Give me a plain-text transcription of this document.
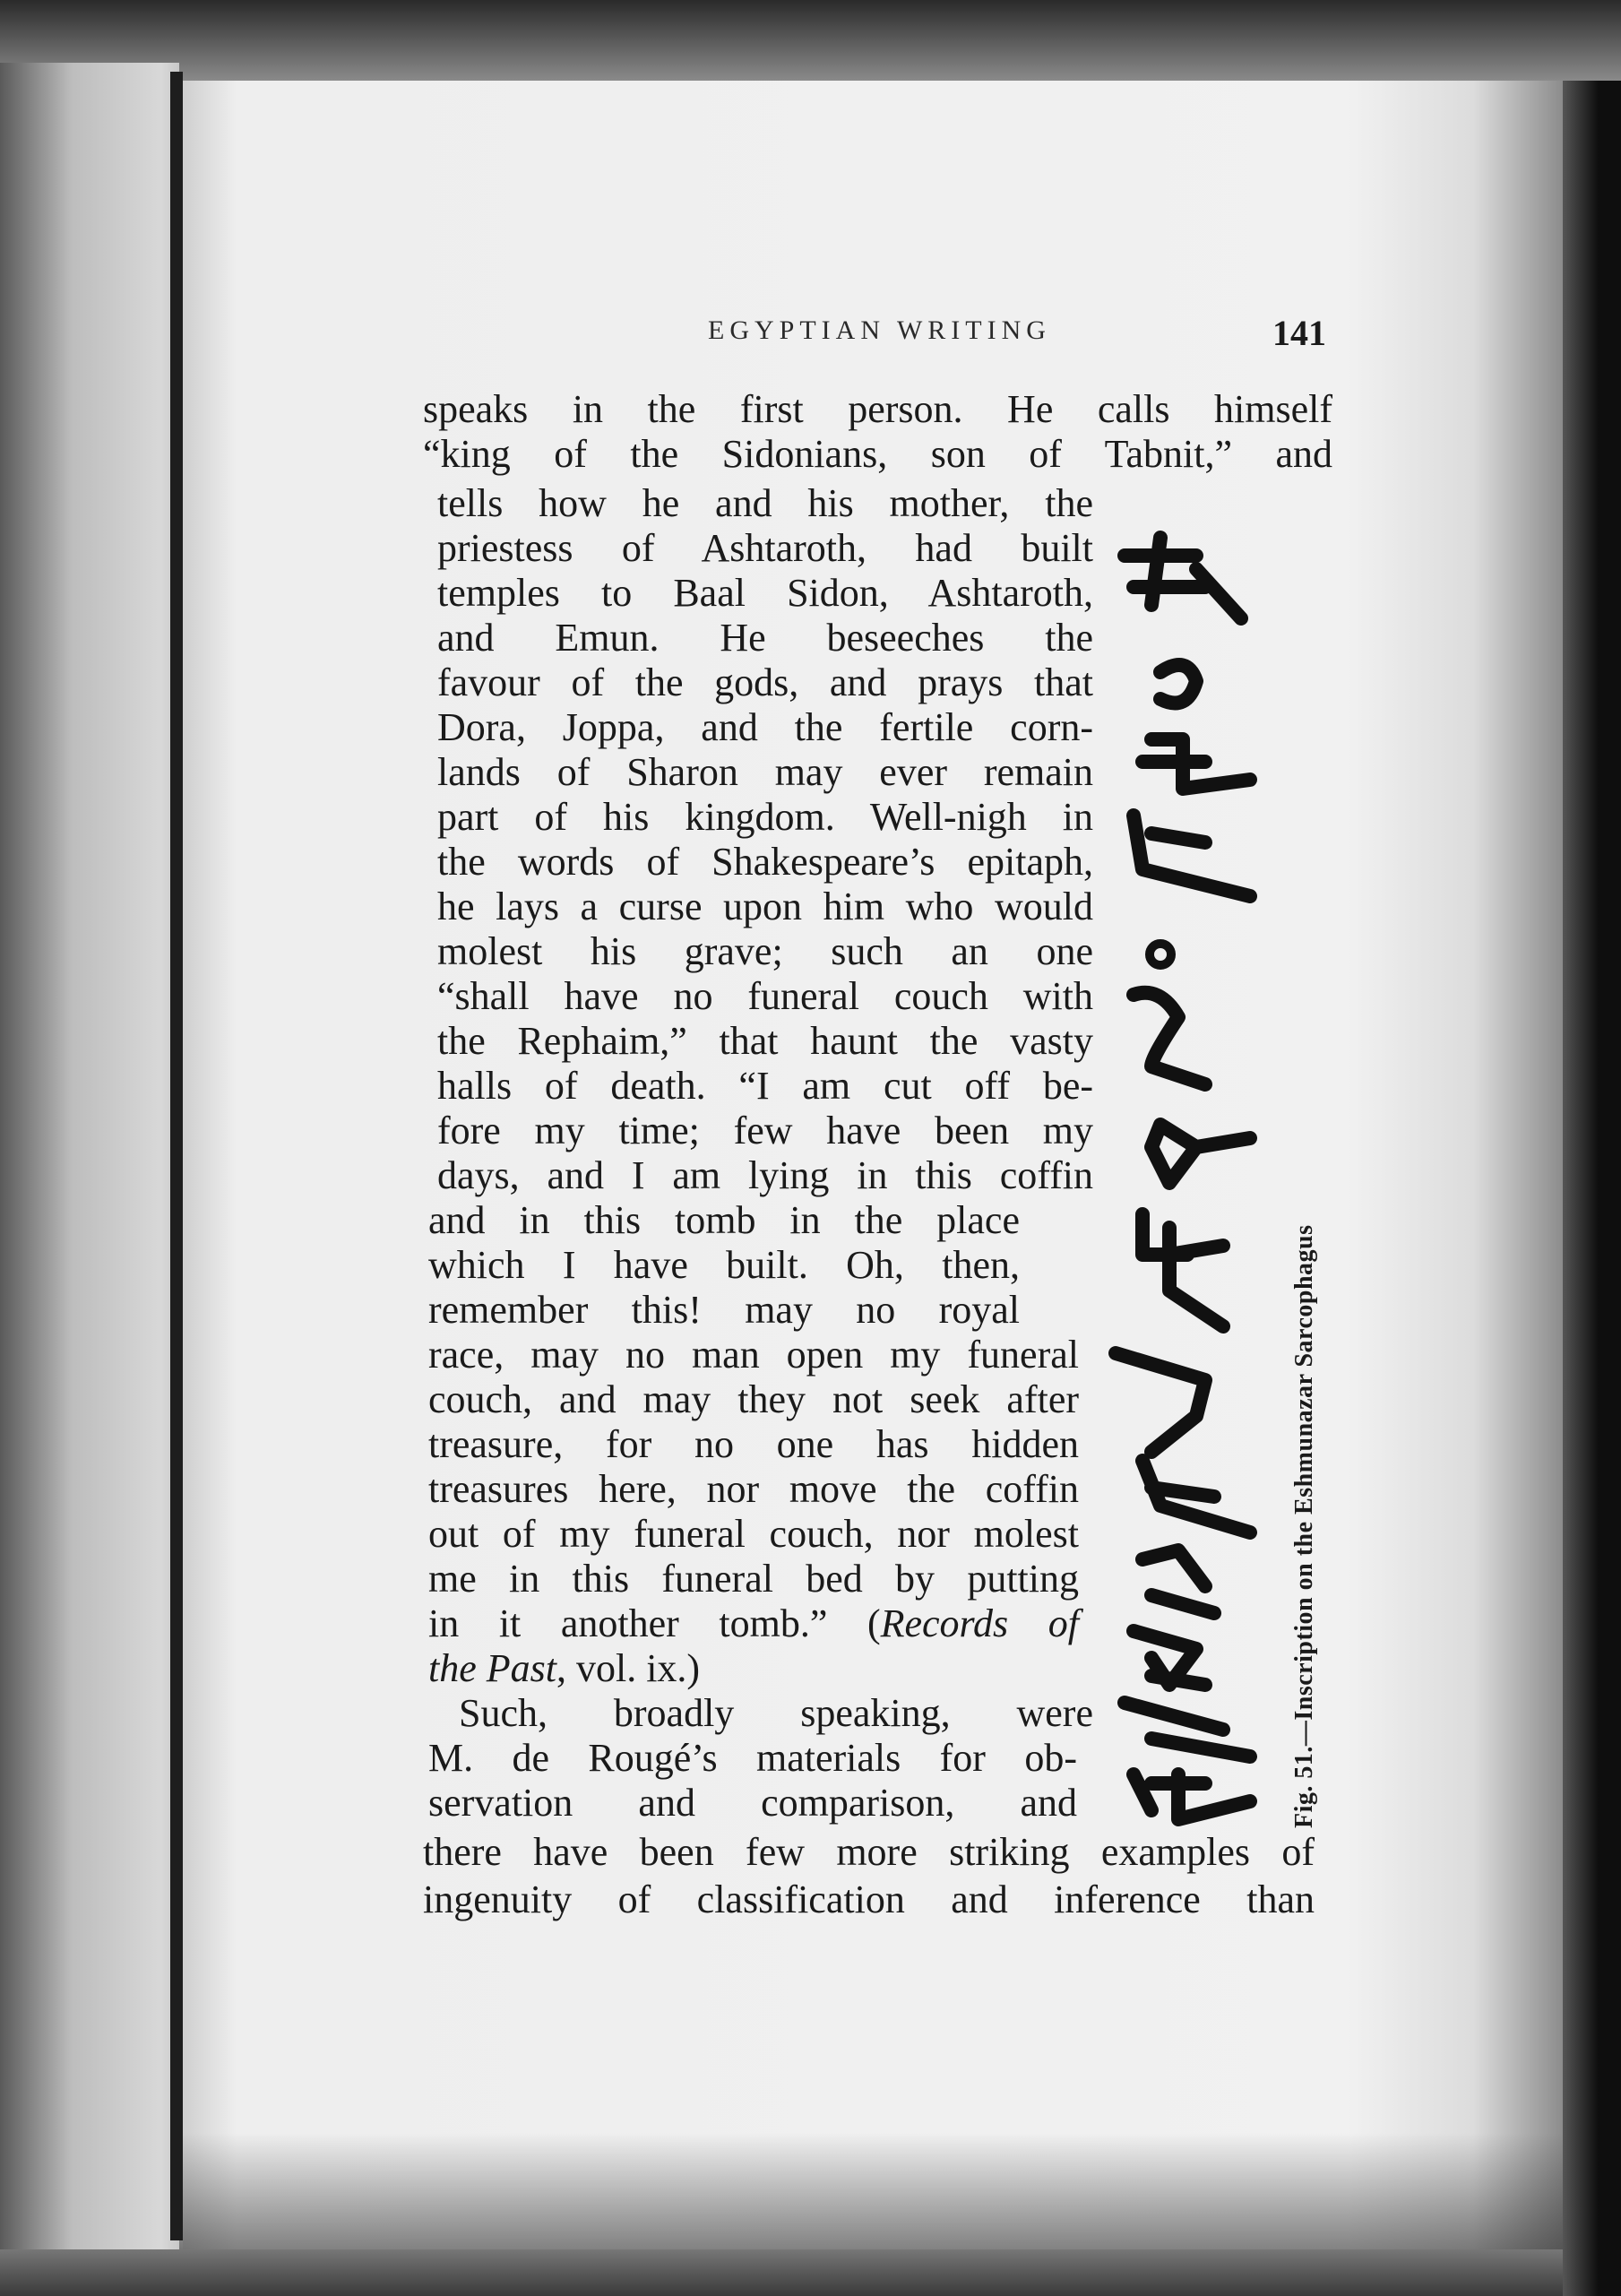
EGYPTIAN WRITING	141

speaks in the first person. He calls himself

“king of the Sidonians, son of Tabnit,” and

tells how he and his mother, the

priestess of Ashtaroth, had built

temples to Baal Sidon, Ashtaroth,

and Emun. He beseeches the

favour of the gods, and prays that

Dora, Joppa, and the fertile corn-

lands of Sharon may ever remain

part of his kingdom. Well-nigh in

the words of Shakespeare’s epitaph,

he lays a curse upon him who would

molest his grave; such an one

“shall have no funeral couch with

the Rephaim,” that haunt the vasty

halls of death. “I am cut off be-

fore my time; few have been my

days, and I am lying in this coffin

and in this tomb in the place

which I have built. Oh, then,

remember this! may no royal

race, may no man open my funeral

couch, and may they not seek after

treasure, for no one has hidden

treasures here, nor move the coffin

out of my funeral couch, nor molest

me in this funeral bed by putting

in it another tomb.” (Records of

the Past, vol. ix.)

Such, broadly speaking, were

M. de Rougé’s materials for ob-

servation and comparison, and

there have been few more striking examples of

ingenuity of classification and inference than

Fig. 51.—Inscription on the Eshmunazar Sarcophagus
